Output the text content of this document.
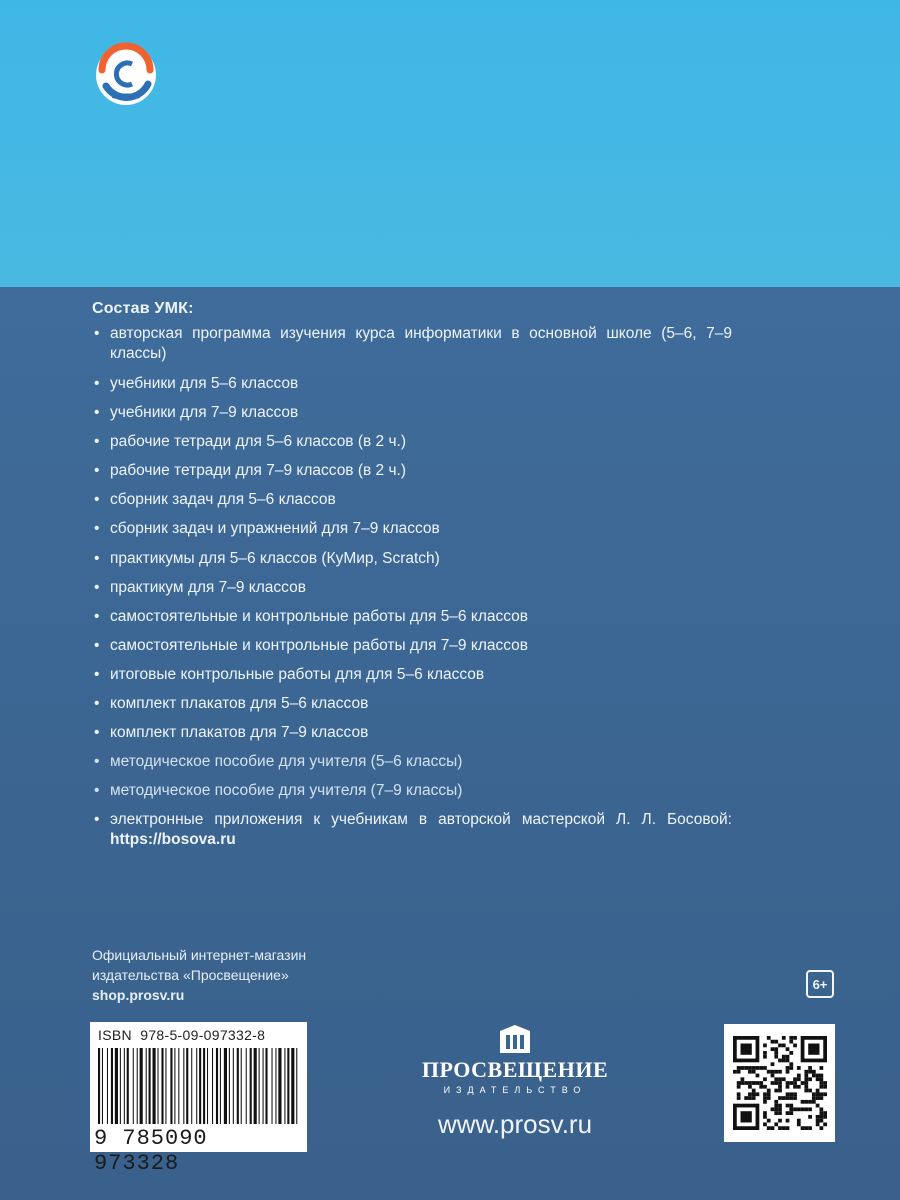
Состав УМК:
• авторская программа изучения курса информатики в основной школе (5–6, 7–9 классы)
• учебники для 5–6 классов
• учебники для 7–9 классов
• рабочие тетради для 5–6 классов (в 2 ч.)
• рабочие тетради для 7–9 классов (в 2 ч.)
• сборник задач для 5–6 классов
• сборник задач и упражнений для 7–9 классов
• практикумы для 5–6 классов (КуМир, Scratch)
• практикум для 7–9 классов
• самостоятельные и контрольные работы для 5–6 классов
• самостоятельные и контрольные работы для 7–9 классов
• итоговые контрольные работы для для 5–6 классов
• комплект плакатов для 5–6 классов
• комплект плакатов для 7–9 классов
• методическое пособие для учителя (5–6 классы)
• методическое пособие для учителя (7–9 классы)
• электронные приложения к учебникам в авторской мастерской Л. Л. Босовой: https://bosova.ru
Официальный интернет-магазин
издательства «Просвещение»
shop.prosv.ru
6+
ISBN  978-5-09-097332-8
9 785090 973328
ПРОСВЕЩЕНИЕ
ИЗДАТЕЛЬСТВО
www.prosv.ru
